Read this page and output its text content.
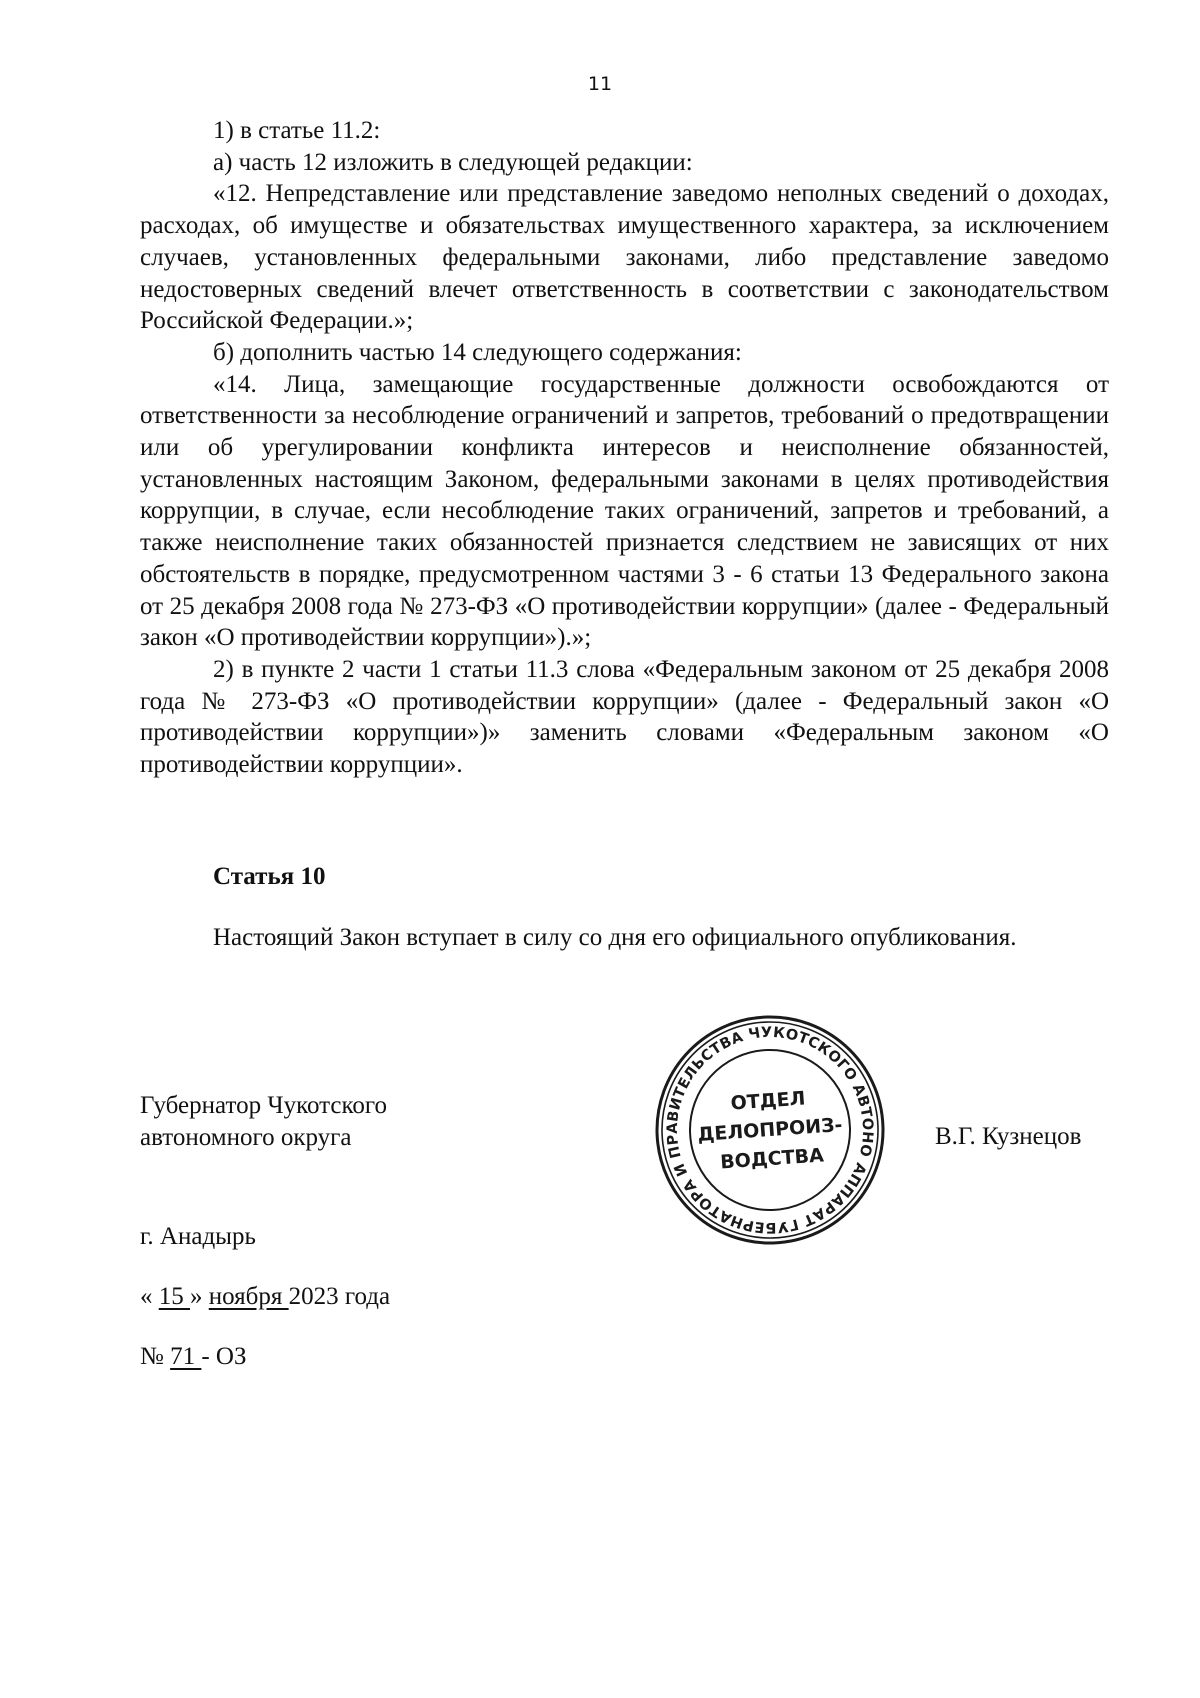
11

1) в статье 11.2:

а) часть 12 изложить в следующей редакции:

«12. Непредставление или представление заведомо неполных сведений о доходах, расходах, об имуществе и обязательствах имущественного характера, за исключением случаев, установленных федеральными законами, либо представление заведомо недостоверных сведений влечет ответственность в соответствии с законодательством Российской Федерации.»;

б) дополнить частью 14 следующего содержания:

«14. Лица, замещающие государственные должности освобождаются от ответственности за несоблюдение ограничений и запретов, требований о предотвращении или об урегулировании конфликта интересов и неисполнение обязанностей, установленных настоящим Законом, федеральными законами в целях противодействия коррупции, в случае, если несоблюдение таких ограничений, запретов и требований, а также неисполнение таких обязанностей признается следствием не зависящих от них обстоятельств в порядке, предусмотренном частями 3 - 6 статьи 13 Федерального закона от 25 декабря 2008 года № 273-ФЗ «О противодействии коррупции» (далее - Федеральный закон «О противодействии коррупции»).»;

2) в пункте 2 части 1 статьи 11.3 слова «Федеральным законом от 25 декабря 2008 года № 273-ФЗ «О противодействии коррупции» (далее - Федеральный закон «О противодействии коррупции»)» заменить словами «Федеральным законом «О противодействии коррупции».

Статья 10

Настоящий Закон вступает в силу со дня его официального опубликования.

Губернатор Чукотского
автономного округа
АППАРАТ ГУБЕРНАТОРА И ПРАВИТЕЛЬСТВА ЧУКОТСКОГО АВТОНОМНОГО
ОТДЕЛ
ДЕЛОПРОИЗ-
ВОДСТВА
В.Г. Кузнецов
г. Анадырь
« 15 » ноября 2023 года
№ 71 - ОЗ
